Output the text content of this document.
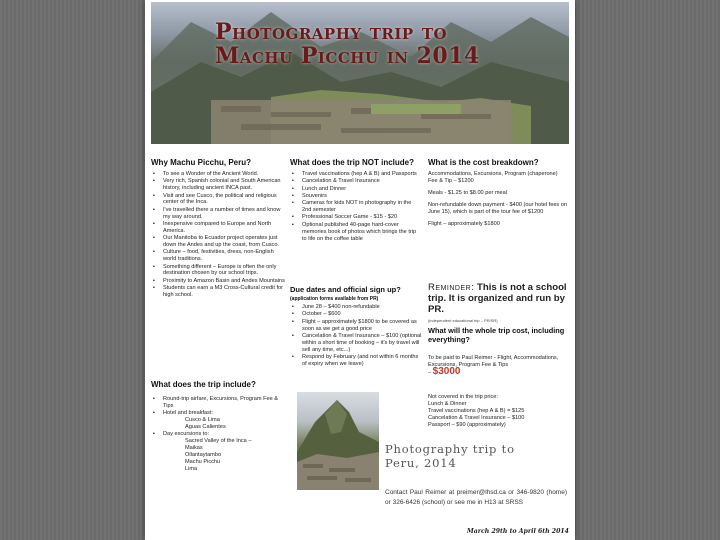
Photography trip to
Machu Picchu in 2014
Why Machu Picchu, Peru?
▪ To see a Wonder of the Ancient World.
▪ Very rich, Spanish colonial and South American history, including ancient INCA past.
▪ Visit and see Cusco, the political and religious center of the Inca.
▪ I've travelled there a number of times and know my way around.
▪ Inexpensive compared to Europe and North America.
▪ Our Manitoba to Ecuador project operates just down the Andes and up the coast, from Cusco.
▪ Culture – food, festivities, dress, non-English world traditions.
▪ Something different – Europe is often the only destination chosen by our school trips.
▪ Proximity to Amazon Basin and Andes Mountains
▪ Students can earn a M3 Cross-Cultural credit for high school.
What does the trip include?
▪ Round-trip airfare, Excursions, Program Fee & Tips
▪ Hotel and breakfast:
Cusco & Lima
Aguas Calientes
▪ Day excursions to:
Sacred Valley of the Inca –
Maikas
Ollantaytambo
Machu Picchu
Lima
What does the trip NOT include?
▪ Travel vaccinations (hep A & B) and Passports
▪ Cancelation & Travel Insurance
▪ Lunch and Dinner
▪ Souvenirs
▪ Cameras for kids NOT in photography in the 2nd semester
▪ Professional Soccer Game - $15 - $20
▪ Optional published 40-page hard-cover memories book of photos which brings the trip to life on the coffee table
Due dates and official sign up?
(application forms available from PR)
▪ June 28 – $400 non-refundable
▪ October – $600
▪ Flight – approximately $1800 to be covered as soon as we get a good price
▪ Cancelation & Travel Insurance – $100 (optional within a short time of booking – it's by travel will sell any time, etc...)
▪ Respond by February (and not within 6 months of expiry when we leave)
What is the cost breakdown?

Accommodations, Excursions, Program (chaperone) Fee & Tip – $1200

Meals - $1.25 to $8.00 per meal

Non-refundable down payment - $400 (our hotel fees on June 15), which is part of the tour fee of $1200

Flight – approximately $1800

Reminder: This is not a school trip. It is organized and run by PR.
(independent educational trip – PR/SR)
What will the whole trip cost, including everything?

To be paid to Paul Reimer - Flight, Accommodations, Excursions, Program Fee & Tips
– $3000

Not covered in the trip price:
Lunch & Dinner
Travel vaccinations (hep A & B) = $125
Cancelation & Travel Insurance – $100
Passport – $90 (approximately)
Photography trip to
Peru, 2014
Contact Paul Reimer at preimer@lhsd.ca or 346-9820 (home) or 326-6426 (school) or see me in H13 at SRSS
March 29th to April 6th 2014
